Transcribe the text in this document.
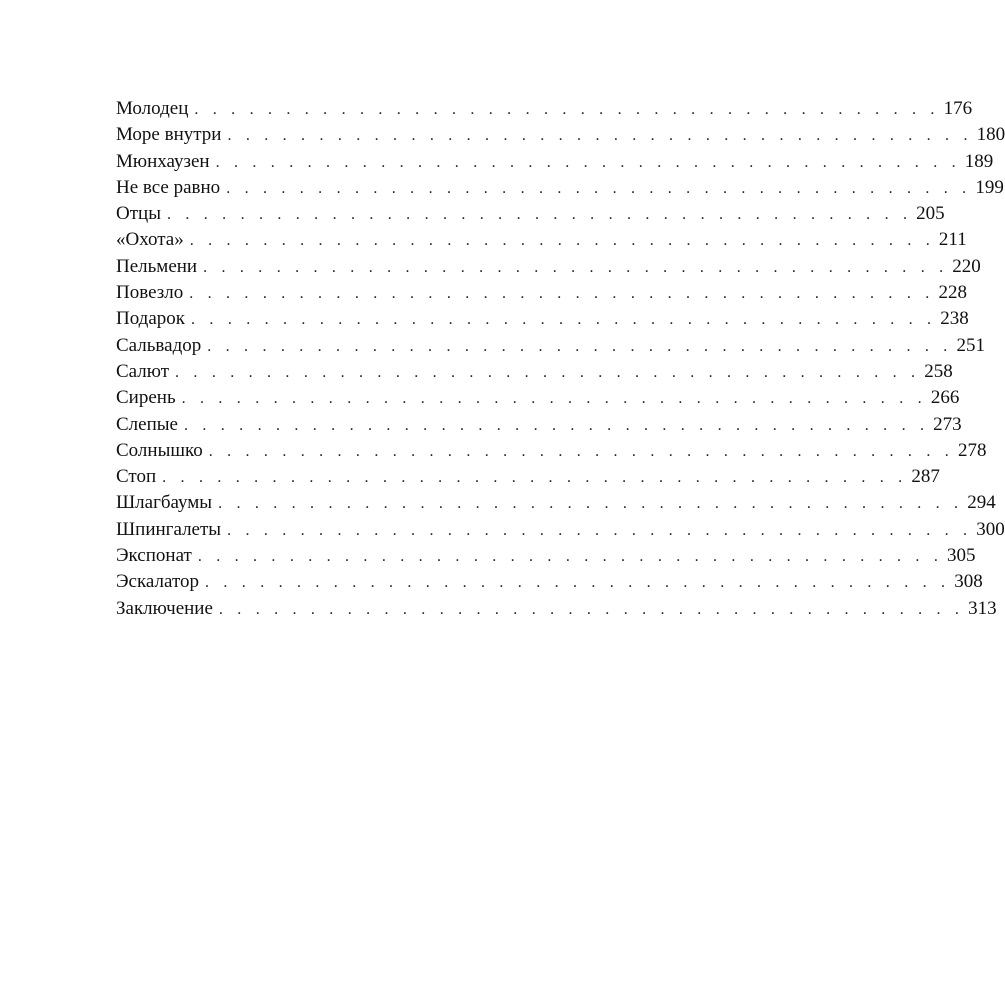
Молодец . . . . . . . . . . . . . . . . . . . . . . . . . . . . . . . . . . . . . . . . . 176
Море внутри . . . . . . . . . . . . . . . . . . . . . . . . . . . . . . . . . . . . . . . . . 180
Мюнхаузен . . . . . . . . . . . . . . . . . . . . . . . . . . . . . . . . . . . . . . . . . 189
Не все равно . . . . . . . . . . . . . . . . . . . . . . . . . . . . . . . . . . . . . . . . . 199
Отцы . . . . . . . . . . . . . . . . . . . . . . . . . . . . . . . . . . . . . . . . . 205
«Охота» . . . . . . . . . . . . . . . . . . . . . . . . . . . . . . . . . . . . . . . . . 211
Пельмени . . . . . . . . . . . . . . . . . . . . . . . . . . . . . . . . . . . . . . . . . 220
Повезло . . . . . . . . . . . . . . . . . . . . . . . . . . . . . . . . . . . . . . . . . 228
Подарок . . . . . . . . . . . . . . . . . . . . . . . . . . . . . . . . . . . . . . . . . 238
Сальвадор . . . . . . . . . . . . . . . . . . . . . . . . . . . . . . . . . . . . . . . . . 251
Салют . . . . . . . . . . . . . . . . . . . . . . . . . . . . . . . . . . . . . . . . . 258
Сирень . . . . . . . . . . . . . . . . . . . . . . . . . . . . . . . . . . . . . . . . . 266
Слепые . . . . . . . . . . . . . . . . . . . . . . . . . . . . . . . . . . . . . . . . . 273
Солнышко . . . . . . . . . . . . . . . . . . . . . . . . . . . . . . . . . . . . . . . . . 278
Стоп . . . . . . . . . . . . . . . . . . . . . . . . . . . . . . . . . . . . . . . . . 287
Шлагбаумы . . . . . . . . . . . . . . . . . . . . . . . . . . . . . . . . . . . . . . . . . 294
Шпингалеты . . . . . . . . . . . . . . . . . . . . . . . . . . . . . . . . . . . . . . . . . 300
Экспонат . . . . . . . . . . . . . . . . . . . . . . . . . . . . . . . . . . . . . . . . . 305
Эскалатор . . . . . . . . . . . . . . . . . . . . . . . . . . . . . . . . . . . . . . . . . 308
Заключение . . . . . . . . . . . . . . . . . . . . . . . . . . . . . . . . . . . . . . . . . 313
